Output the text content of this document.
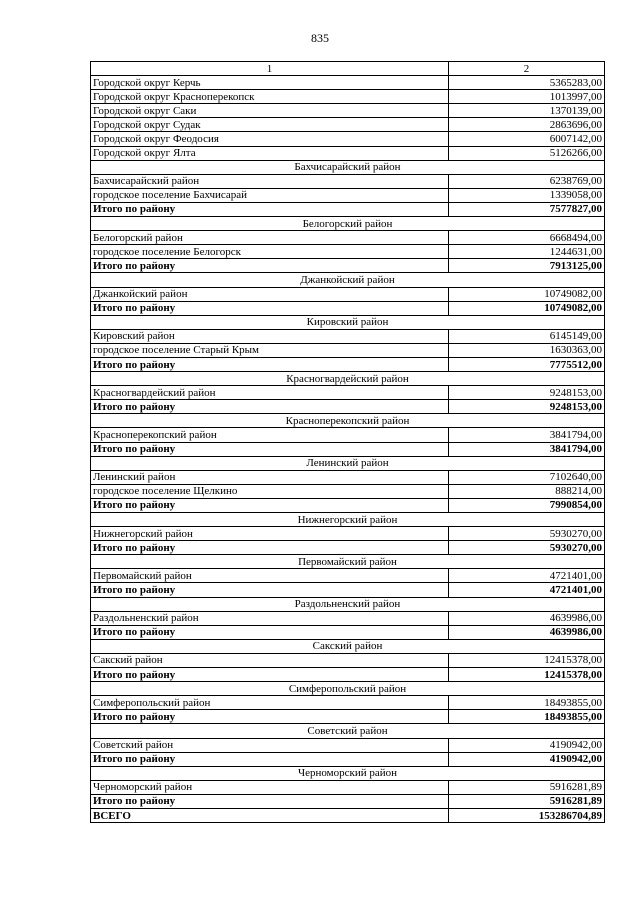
835
1	2
Городской округ Керчь	5365283,00
Городской округ Красноперекопск	1013997,00
Городской округ Саки	1370139,00
Городской округ Судак	2863696,00
Городской округ Феодосия	6007142,00
Городской округ Ялта	5126266,00
Бахчисарайский район	
Бахчисарайский район	6238769,00
городское поселение Бахчисарай	1339058,00
Итого по району	7577827,00
Белогорский район	
Белогорский район	6668494,00
городское поселение Белогорск	1244631,00
Итого по району	7913125,00
Джанкойский район	
Джанкойский район	10749082,00
Итого по району	10749082,00
Кировский район	
Кировский район	6145149,00
городское поселение Старый Крым	1630363,00
Итого по району	7775512,00
Красногвардейский район	
Красногвардейский район	9248153,00
Итого по району	9248153,00
Красноперекопский район	
Красноперекопский район	3841794,00
Итого по району	3841794,00
Ленинский район	
Ленинский район	7102640,00
городское поселение Щелкино	888214,00
Итого по району	7990854,00
Нижнегорский район	
Нижнегорский район	5930270,00
Итого по району	5930270,00
Первомайский район	
Первомайский район	4721401,00
Итого по району	4721401,00
Раздольненский район	
Раздольненский район	4639986,00
Итого по району	4639986,00
Сакский район	
Сакский район	12415378,00
Итого по району	12415378,00
Симферопольский район	
Симферопольский район	18493855,00
Итого по району	18493855,00
Советский район	
Советский район	4190942,00
Итого по району	4190942,00
Черноморский район	
Черноморский район	5916281,89
Итого по району	5916281,89
ВСЕГО	153286704,89
